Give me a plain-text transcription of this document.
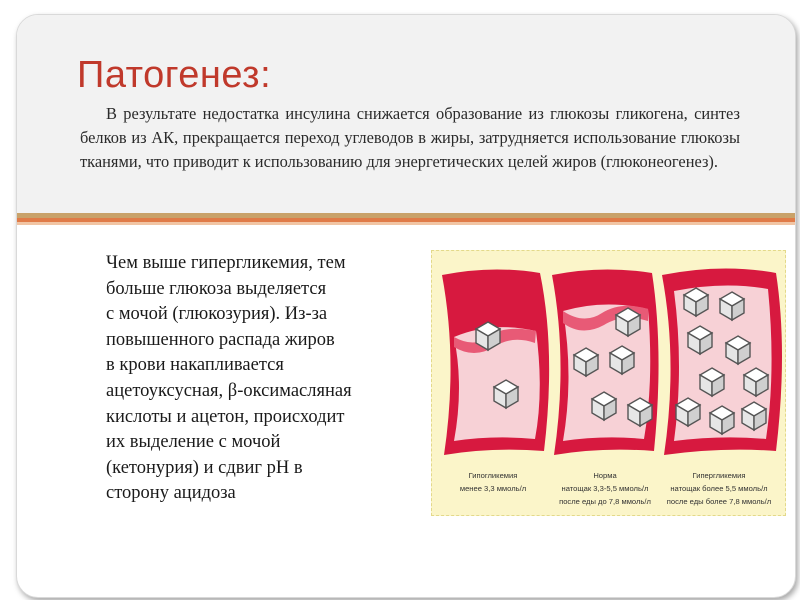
Патогенез:

В результате недостатка инсулина снижается образование из глюкозы гликогена, синтез белков из АК, прекращается переход углеводов в жиры, затрудняется использование глюкозы тканями, что приводит к использованию для энергетических целей жиров (глюконеогенез).

Чем выше гипергликемия, тем
больше глюкоза выделяется
с мочой (глюкозурия). Из-за
повышенного распада жиров
в крови накапливается
ацетоуксусная, β-оксимасляная
кислоты и ацетон, происходит
их выделение с мочой
(кетонурия) и сдвиг рН в
сторону ацидоза

Гипогликемия
менее 3,3 ммоль/л
Норма
натощак 3,3-5,5 ммоль/л
после еды до 7,8 ммоль/л
Гипергликемия
натощак более 5,5 ммоль/л
после еды более 7,8 ммоль/л
